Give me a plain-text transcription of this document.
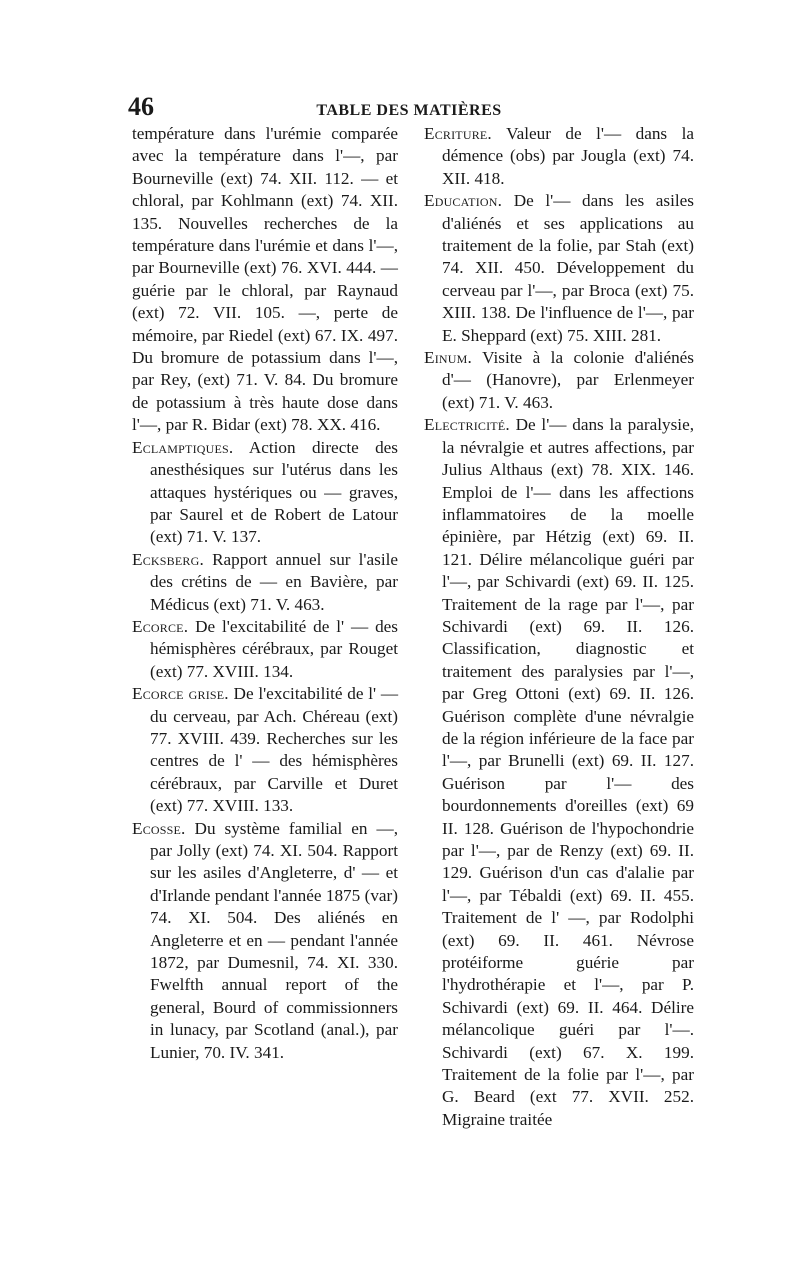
46	TABLE DES MATIÈRES

température dans l'urémie comparée avec la température dans l'—, par Bourneville (ext) 74. XII. 112. — et chloral, par Kohlmann (ext) 74. XII. 135. Nouvelles recherches de la température dans l'urémie et dans l'—, par Bourneville (ext) 76. XVI. 444. — guérie par le chloral, par Raynaud (ext) 72. VII. 105. —, perte de mémoire, par Riedel (ext) 67. IX. 497. Du bromure de potassium dans l'—, par Rey, (ext) 71. V. 84. Du bromure de potassium à très haute dose dans l'—, par R. Bidar (ext) 78. XX. 416.

Eclamptiques. Action directe des anesthésiques sur l'utérus dans les attaques hystériques ou — graves, par Saurel et de Robert de Latour (ext) 71. V. 137.

Ecksberg. Rapport annuel sur l'asile des crétins de — en Bavière, par Médicus (ext) 71. V. 463.

Ecorce. De l'excitabilité de l' — des hémisphères cérébraux, par Rouget (ext) 77. XVIII. 134.

Ecorce grise. De l'excitabilité de l' — du cerveau, par Ach. Chéreau (ext) 77. XVIII. 439. Recherches sur les centres de l' — des hémisphères cérébraux, par Carville et Duret (ext) 77. XVIII. 133.

Ecosse. Du système familial en —, par Jolly (ext) 74. XI. 504. Rapport sur les asiles d'Angleterre, d' — et d'Irlande pendant l'année 1875 (var) 74. XI. 504. Des aliénés en Angleterre et en — pendant l'année 1872, par Dumesnil, 74. XI. 330. Fwelfth annual report of the general, Bourd of commissionners in lunacy, par Scotland (anal.), par Lunier, 70. IV. 341.

Ecriture. Valeur de l'— dans la démence (obs) par Jougla (ext) 74. XII. 418.

Education. De l'— dans les asiles d'aliénés et ses applications au traitement de la folie, par Stah (ext) 74. XII. 450. Développement du cerveau par l'—, par Broca (ext) 75. XIII. 138. De l'influence de l'—, par E. Sheppard (ext) 75. XIII. 281.

Einum. Visite à la colonie d'aliénés d'— (Hanovre), par Erlenmeyer (ext) 71. V. 463.

Electricité. De l'— dans la paralysie, la névralgie et autres affections, par Julius Althaus (ext) 78. XIX. 146. Emploi de l'— dans les affections inflammatoires de la moelle épinière, par Hétzig (ext) 69. II. 121. Délire mélancolique guéri par l'—, par Schivardi (ext) 69. II. 125. Traitement de la rage par l'—, par Schivardi (ext) 69. II. 126. Classification, diagnostic et traitement des paralysies par l'—, par Greg Ottoni (ext) 69. II. 126. Guérison complète d'une névralgie de la région inférieure de la face par l'—, par Brunelli (ext) 69. II. 127. Guérison par l'— des bourdonnements d'oreilles (ext) 69 II. 128. Guérison de l'hypochondrie par l'—, par de Renzy (ext) 69. II. 129. Guérison d'un cas d'alalie par l'—, par Tébaldi (ext) 69. II. 455. Traitement de l' —, par Rodolphi (ext) 69. II. 461. Névrose protéiforme guérie par l'hydrothérapie et l'—, par P. Schivardi (ext) 69. II. 464. Délire mélancolique guéri par l'—. Schivardi (ext) 67. X. 199. Traitement de la folie par l'—, par G. Beard (ext 77. XVII. 252. Migraine traitée
